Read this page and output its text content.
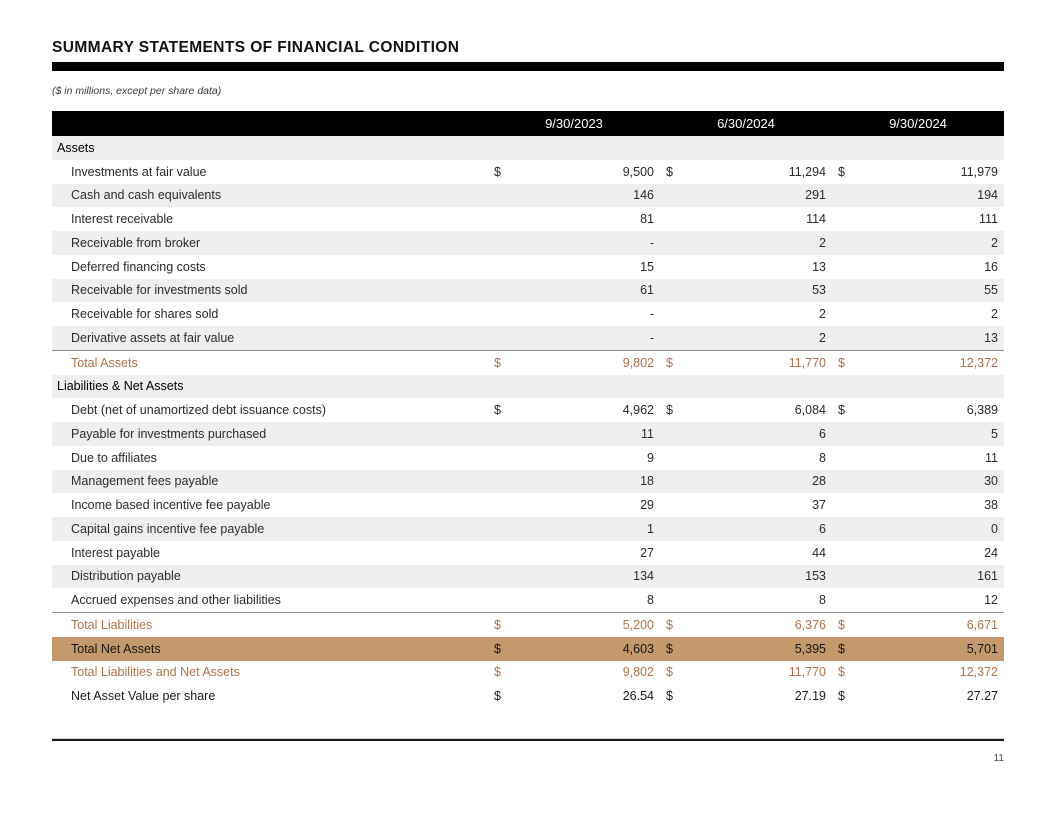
SUMMARY STATEMENTS OF FINANCIAL CONDITION
($ in millions, except per share data)
9/30/2023	6/30/2024	9/30/2024
Assets
Investments at fair value	$	9,500 $	11,294 $	11,979
Cash and cash equivalents	146	291	194
Interest receivable	81	114	111
Receivable from broker	-	2	2
Deferred financing costs	15	13	16
Receivable for investments sold	61	53	55
Receivable for shares sold	-	2	2
Derivative assets at fair value	-	2	13
Total Assets	$	9,802 $	11,770 $	12,372
Liabilities & Net Assets
Debt (net of unamortized debt issuance costs)	$	4,962 $	6,084 $	6,389
Payable for investments purchased	11	6	5
Due to affiliates	9	8	11
Management fees payable	18	28	30
Income based incentive fee payable	29	37	38
Capital gains incentive fee payable	1	6	0
Interest payable	27	44	24
Distribution payable	134	153	161
Accrued expenses and other liabilities	8	8	12
Total Liabilities	$	5,200 $	6,376 $	6,671
Total Net Assets	$	4,603 $	5,395 $	5,701
Total Liabilities and Net Assets	$	9,802 $	11,770 $	12,372
Net Asset Value per share	$	26.54 $	27.19 $	27.27
11
